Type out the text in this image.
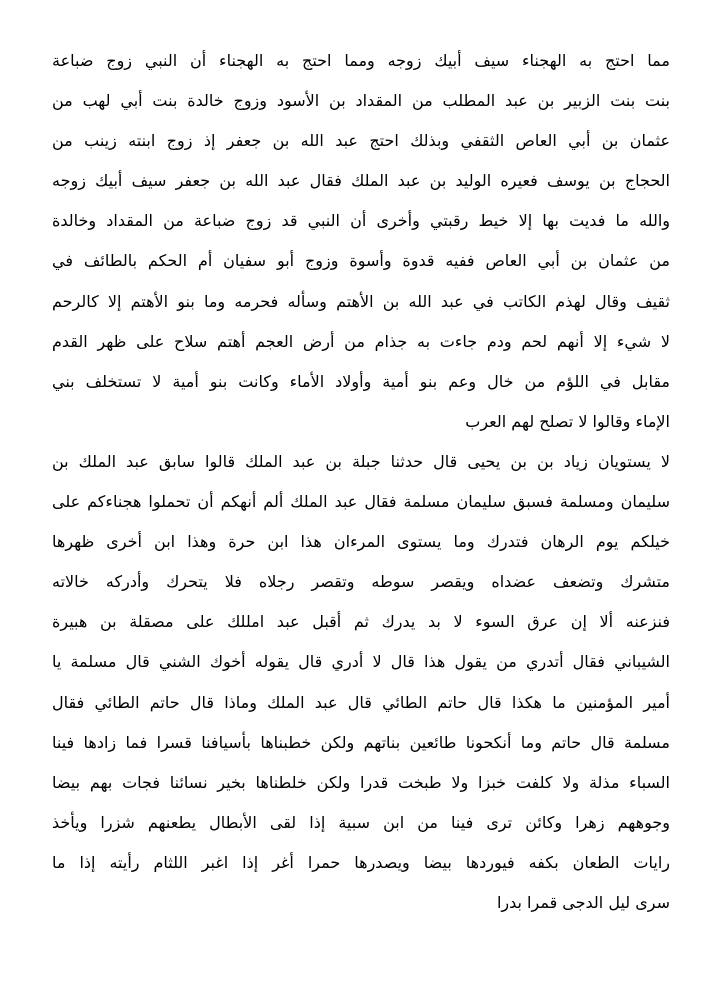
مما احتج به الهجناء سيف أبيك زوجه ومما احتج به الهجناء أن النبي زوج ضباعة
بنت بنت الزبير بن عبد المطلب من المقداد بن الأسود وزوج خالدة بنت أبي لهب من
عثمان بن أبي العاص الثقفي وبذلك احتج عبد الله بن جعفر إذ زوج ابنته زينب من
الحجاج بن يوسف فعيره الوليد بن عبد الملك فقال عبد الله بن جعفر سيف أبيك زوجه
والله ما فديت بها إلا خيط رقبتي وأخرى أن النبي قد زوج ضباعة من المقداد وخالدة
من عثمان بن أبي العاص ففيه قدوة وأسوة وزوج أبو سفيان أم الحكم بالطائف في
ثقيف وقال لهذم الكاتب في عبد الله بن الأهتم وسأله فحرمه وما بنو الأهتم إلا كالرحم
لا شيء إلا أنهم لحم ودم جاءت به جذام من أرض العجم أهتم سلاح على ظهر القدم
مقابل في اللؤم من خال وعم بنو أمية وأولاد الأماء وكانت بنو أمية لا تستخلف بني
الإماء وقالوا لا تصلح لهم العرب
لا يستويان زياد بن بن يحيى قال حدثنا جبلة بن عبد الملك قالوا سابق عبد الملك بن
سليمان ومسلمة فسبق سليمان مسلمة فقال عبد الملك ألم أنهكم أن تحملوا هجناءكم على
خيلكم يوم الرهان فتدرك وما يستوى المرءان هذا ابن حرة وهذا ابن أخرى ظهرها
متشرك وتضعف عضداه ويقصر سوطه وتقصر رجلاه فلا يتحرك وأدركه خالاته
فنزعنه ألا إن عرق السوء لا بد يدرك ثم أقبل عبد امللك على مصقلة بن هبيرة
الشيباني فقال أتدري من يقول هذا قال لا أدري قال يقوله أخوك الشني قال مسلمة يا
أمير المؤمنين ما هكذا قال حاتم الطائي قال عبد الملك وماذا قال حاتم الطائي فقال
مسلمة قال حاتم وما أنكحونا طائعين بناتهم ولكن خطبناها بأسيافنا قسرا فما زادها فينا
السباء مذلة ولا كلفت خبزا ولا طبخت قدرا ولكن خلطناها بخير نسائنا فجات بهم بيضا
وجوههم زهرا وكائن ترى فينا من ابن سبية إذا لقى الأبطال يطعنهم شزرا ويأخذ
رايات الطعان بكفه فيوردها بيضا ويصدرها حمرا أغر إذا اغبر اللثام رأيته إذا ما
سرى ليل الدجى قمرا بدرا
